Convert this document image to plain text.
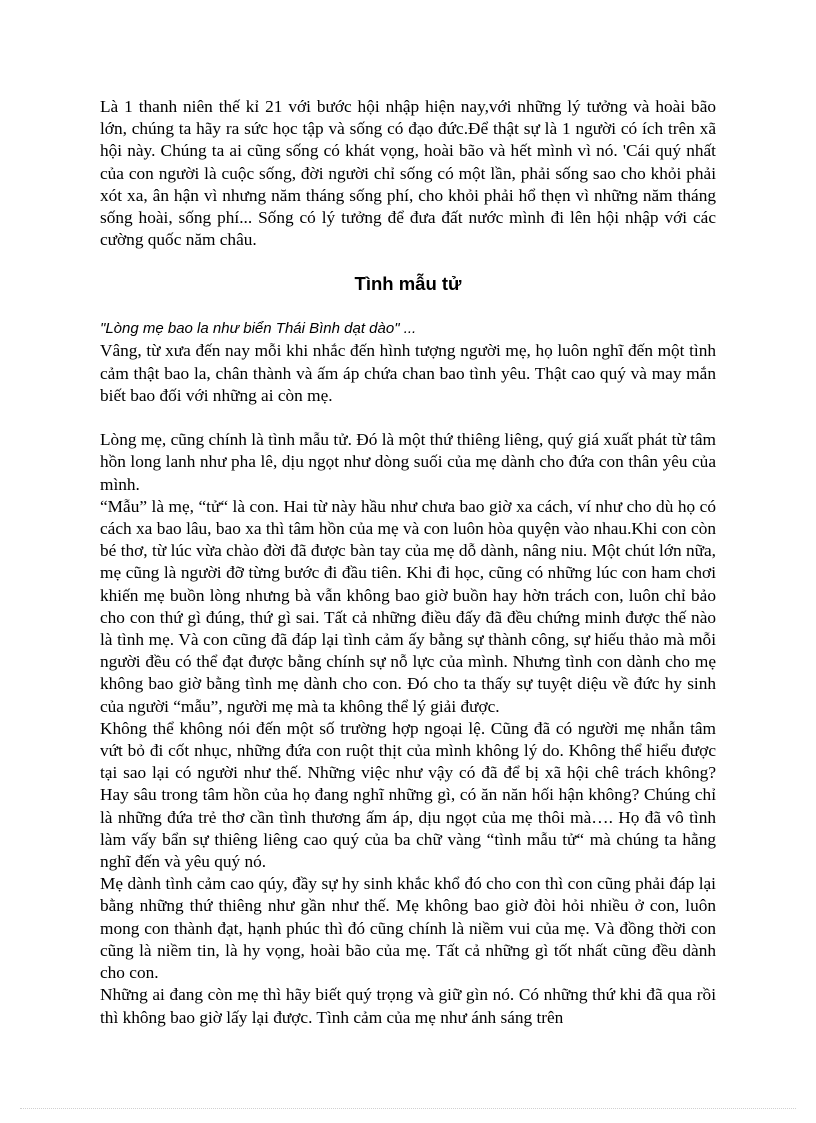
Là 1 thanh niên thế kỉ 21 với bước hội nhập hiện nay,với những lý tưởng và hoài bão lớn, chúng ta hãy ra sức học tập và sống có đạo đức.Để thật sự là 1 người có ích trên xã hội này. Chúng ta ai cũng sống có khát vọng, hoài bão và hết mình vì nó. 'Cái quý nhất của con người là cuộc sống, đời người chỉ sống có một lần, phải sống sao cho khỏi phải xót xa, ân hận vì nhưng năm tháng sống phí, cho khỏi phải hổ thẹn vì những năm tháng sống hoài, sống phí... Sống có lý tưởng để đưa đất nước mình đi lên hội nhập với các cường quốc năm châu.

Tình mẫu tử
"Lòng mẹ bao la như biển Thái Bình dạt dào" ...

Vâng, từ xưa đến nay mỗi khi nhắc đến hình tượng người mẹ, họ luôn nghĩ đến một tình cảm thật bao la, chân thành và ấm áp chứa chan bao tình yêu. Thật cao quý và may mắn biết bao đối với những ai còn mẹ.

Lòng mẹ, cũng chính là tình mẫu tử. Đó là một thứ thiêng liêng, quý giá xuất phát từ tâm hồn long lanh như pha lê, dịu ngọt như dòng suối của mẹ dành cho đứa con thân yêu của mình.

“Mẫu” là mẹ, “tử“ là con. Hai từ này hầu như chưa bao giờ xa cách, ví như cho dù họ có cách xa bao lâu, bao xa thì tâm hồn của mẹ và con luôn hòa quyện vào nhau.Khi con còn bé thơ, từ lúc vừa chào đời đã được bàn tay của mẹ dỗ dành, nâng niu. Một chút lớn nữa, mẹ cũng là người đỡ từng bước đi đầu tiên. Khi đi học, cũng có những lúc con ham chơi khiến mẹ buồn lòng nhưng bà vẫn không bao giờ buồn hay hờn trách con, luôn chỉ bảo cho con thứ gì đúng, thứ gì sai. Tất cả những điều đấy đã đều chứng minh được thế nào là tình mẹ. Và con cũng đã đáp lại tình cảm ấy bằng sự thành công, sự hiếu thảo mà mỗi người đều có thể đạt được bằng chính sự nỗ lực của mình. Nhưng tình con dành cho mẹ không bao giờ bằng tình mẹ dành cho con. Đó cho ta thấy sự tuyệt diệu về đức hy sinh của người “mẫu”, người mẹ mà ta không thể lý giải được.

Không thể không nói đến một số trường hợp ngoại lệ. Cũng đã có người mẹ nhẫn tâm vứt bỏ đi cốt nhục, những đứa con ruột thịt của mình không lý do. Không thể hiểu được tại sao lại có người như thế. Những việc như vậy có đã để bị xã hội chê trách không? Hay sâu trong tâm hồn của họ đang nghĩ những gì, có ăn năn hối hận không? Chúng chỉ là những đứa trẻ thơ cần tình thương ấm áp, dịu ngọt của mẹ thôi mà…. Họ đã vô tình làm vấy bẩn sự thiêng liêng cao quý của ba chữ vàng “tình mẫu tử“ mà chúng ta hằng nghĩ đến và yêu quý nó.

Mẹ dành tình cảm cao qúy, đầy sự hy sinh khắc khổ đó cho con thì con cũng phải đáp lại bằng những thứ thiêng như gần như thế. Mẹ không bao giờ đòi hỏi nhiều ở con, luôn mong con thành đạt, hạnh phúc thì đó cũng chính là niềm vui của mẹ. Và đồng thời con cũng là niềm tin, là hy vọng, hoài bão của mẹ. Tất cả những gì tốt nhất cũng đều dành cho con.

Những ai đang còn mẹ thì hãy biết quý trọng và giữ gìn nó. Có những thứ khi đã qua rồi thì không bao giờ lấy lại được. Tình cảm của mẹ như ánh sáng trên
